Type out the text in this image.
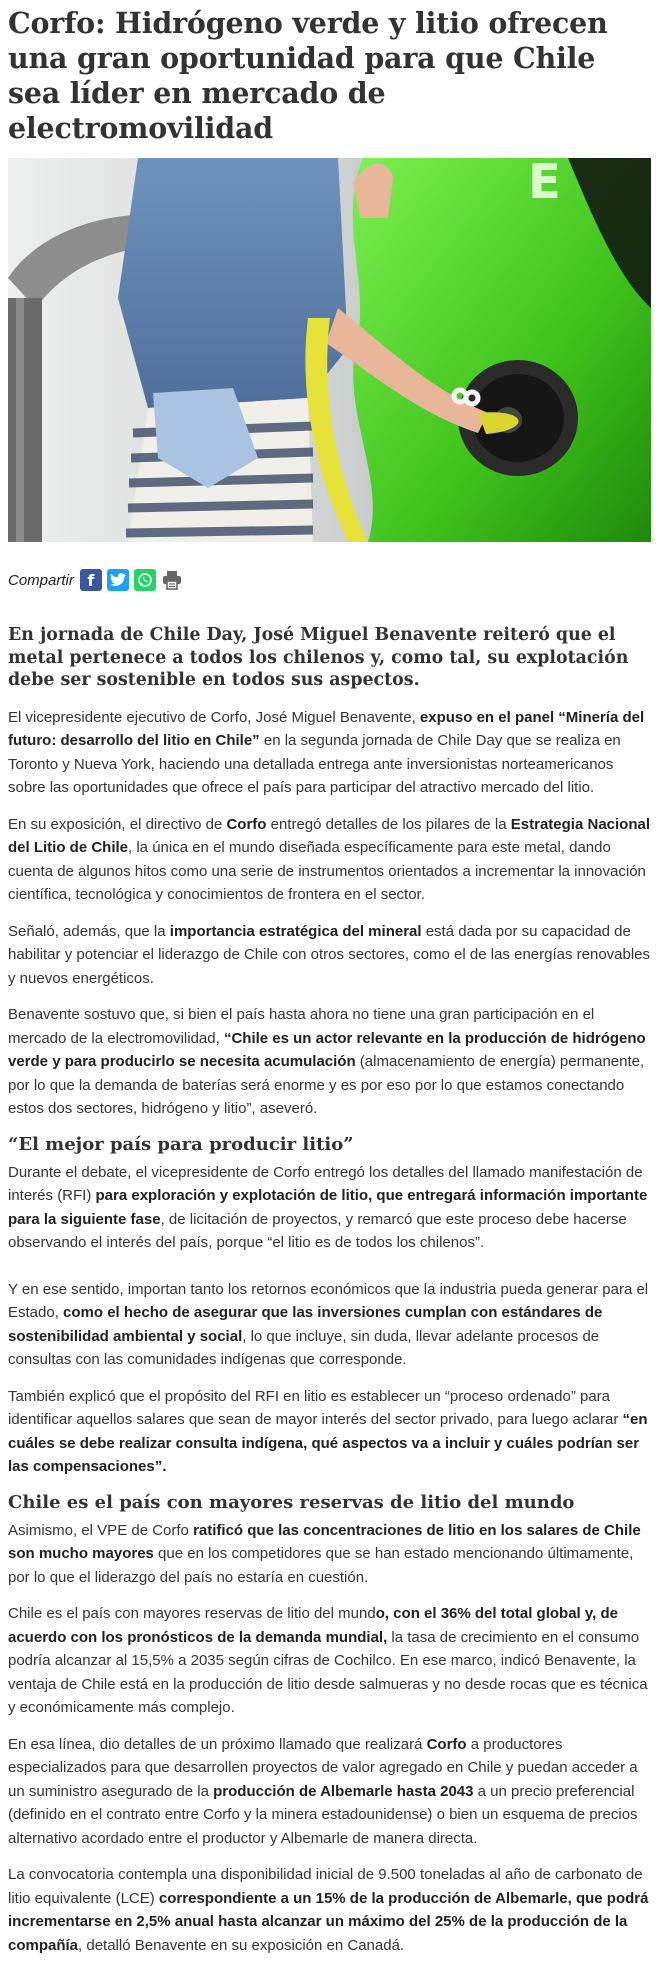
Corfo: Hidrógeno verde y litio ofrecen una gran oportunidad para que Chile sea líder en mercado de electromovilidad
E
Compartir f
En jornada de Chile Day, José Miguel Benavente reiteró que el metal pertenece a todos los chilenos y, como tal, su explotación debe ser sostenible en todos sus aspectos.

El vicepresidente ejecutivo de Corfo, José Miguel Benavente, expuso en el panel “Minería del futuro: desarrollo del litio en Chile” en la segunda jornada de Chile Day que se realiza en Toronto y Nueva York, haciendo una detallada entrega ante inversionistas norteamericanos sobre las oportunidades que ofrece el país para participar del atractivo mercado del litio.

En su exposición, el directivo de Corfo entregó detalles de los pilares de la Estrategia Nacional del Litio de Chile, la única en el mundo diseñada específicamente para este metal, dando cuenta de algunos hitos como una serie de instrumentos orientados a incrementar la innovación científica, tecnológica y conocimientos de frontera en el sector.

Señaló, además, que la importancia estratégica del mineral está dada por su capacidad de habilitar y potenciar el liderazgo de Chile con otros sectores, como el de las energías renovables y nuevos energéticos.

Benavente sostuvo que, si bien el país hasta ahora no tiene una gran participación en el mercado de la electromovilidad, “Chile es un actor relevante en la producción de hidrógeno verde y para producirlo se necesita acumulación (almacenamiento de energía) permanente, por lo que la demanda de baterías será enorme y es por eso por lo que estamos conectando estos dos sectores, hidrógeno y litio”, aseveró.

“El mejor país para producir litio”

Durante el debate, el vicepresidente de Corfo entregó los detalles del llamado manifestación de interés (RFI) para exploración y explotación de litio, que entregará información importante para la siguiente fase, de licitación de proyectos, y remarcó que este proceso debe hacerse observando el interés del país, porque “el litio es de todos los chilenos”.

Y en ese sentido, importan tanto los retornos económicos que la industria pueda generar para el Estado, como el hecho de asegurar que las inversiones cumplan con estándares de sostenibilidad ambiental y social, lo que incluye, sin duda, llevar adelante procesos de consultas con las comunidades indígenas que corresponde.

También explicó que el propósito del RFI en litio es establecer un “proceso ordenado” para identificar aquellos salares que sean de mayor interés del sector privado, para luego aclarar “en cuáles se debe realizar consulta indígena, qué aspectos va a incluir y cuáles podrían ser las compensaciones”.

Chile es el país con mayores reservas de litio del mundo

Asimismo, el VPE de Corfo ratificó que las concentraciones de litio en los salares de Chile son mucho mayores que en los competidores que se han estado mencionando últimamente, por lo que el liderazgo del país no estaría en cuestión.

Chile es el país con mayores reservas de litio del mundo, con el 36% del total global y, de acuerdo con los pronósticos de la demanda mundial, la tasa de crecimiento en el consumo podría alcanzar al 15,5% a 2035 según cifras de Cochilco. En ese marco, indicó Benavente, la ventaja de Chile está en la producción de litio desde salmueras y no desde rocas que es técnica y económicamente más complejo.

En esa línea, dio detalles de un próximo llamado que realizará Corfo a productores especializados para que desarrollen proyectos de valor agregado en Chile y puedan acceder a un suministro asegurado de la producción de Albemarle hasta 2043 a un precio preferencial (definido en el contrato entre Corfo y la minera estadounidense) o bien un esquema de precios alternativo acordado entre el productor y Albemarle de manera directa.

La convocatoria contempla una disponibilidad inicial de 9.500 toneladas al año de carbonato de litio equivalente (LCE) correspondiente a un 15% de la producción de Albemarle, que podrá incrementarse en 2,5% anual hasta alcanzar un máximo del 25% de la producción de la compañía, detalló Benavente en su exposición en Canadá.
